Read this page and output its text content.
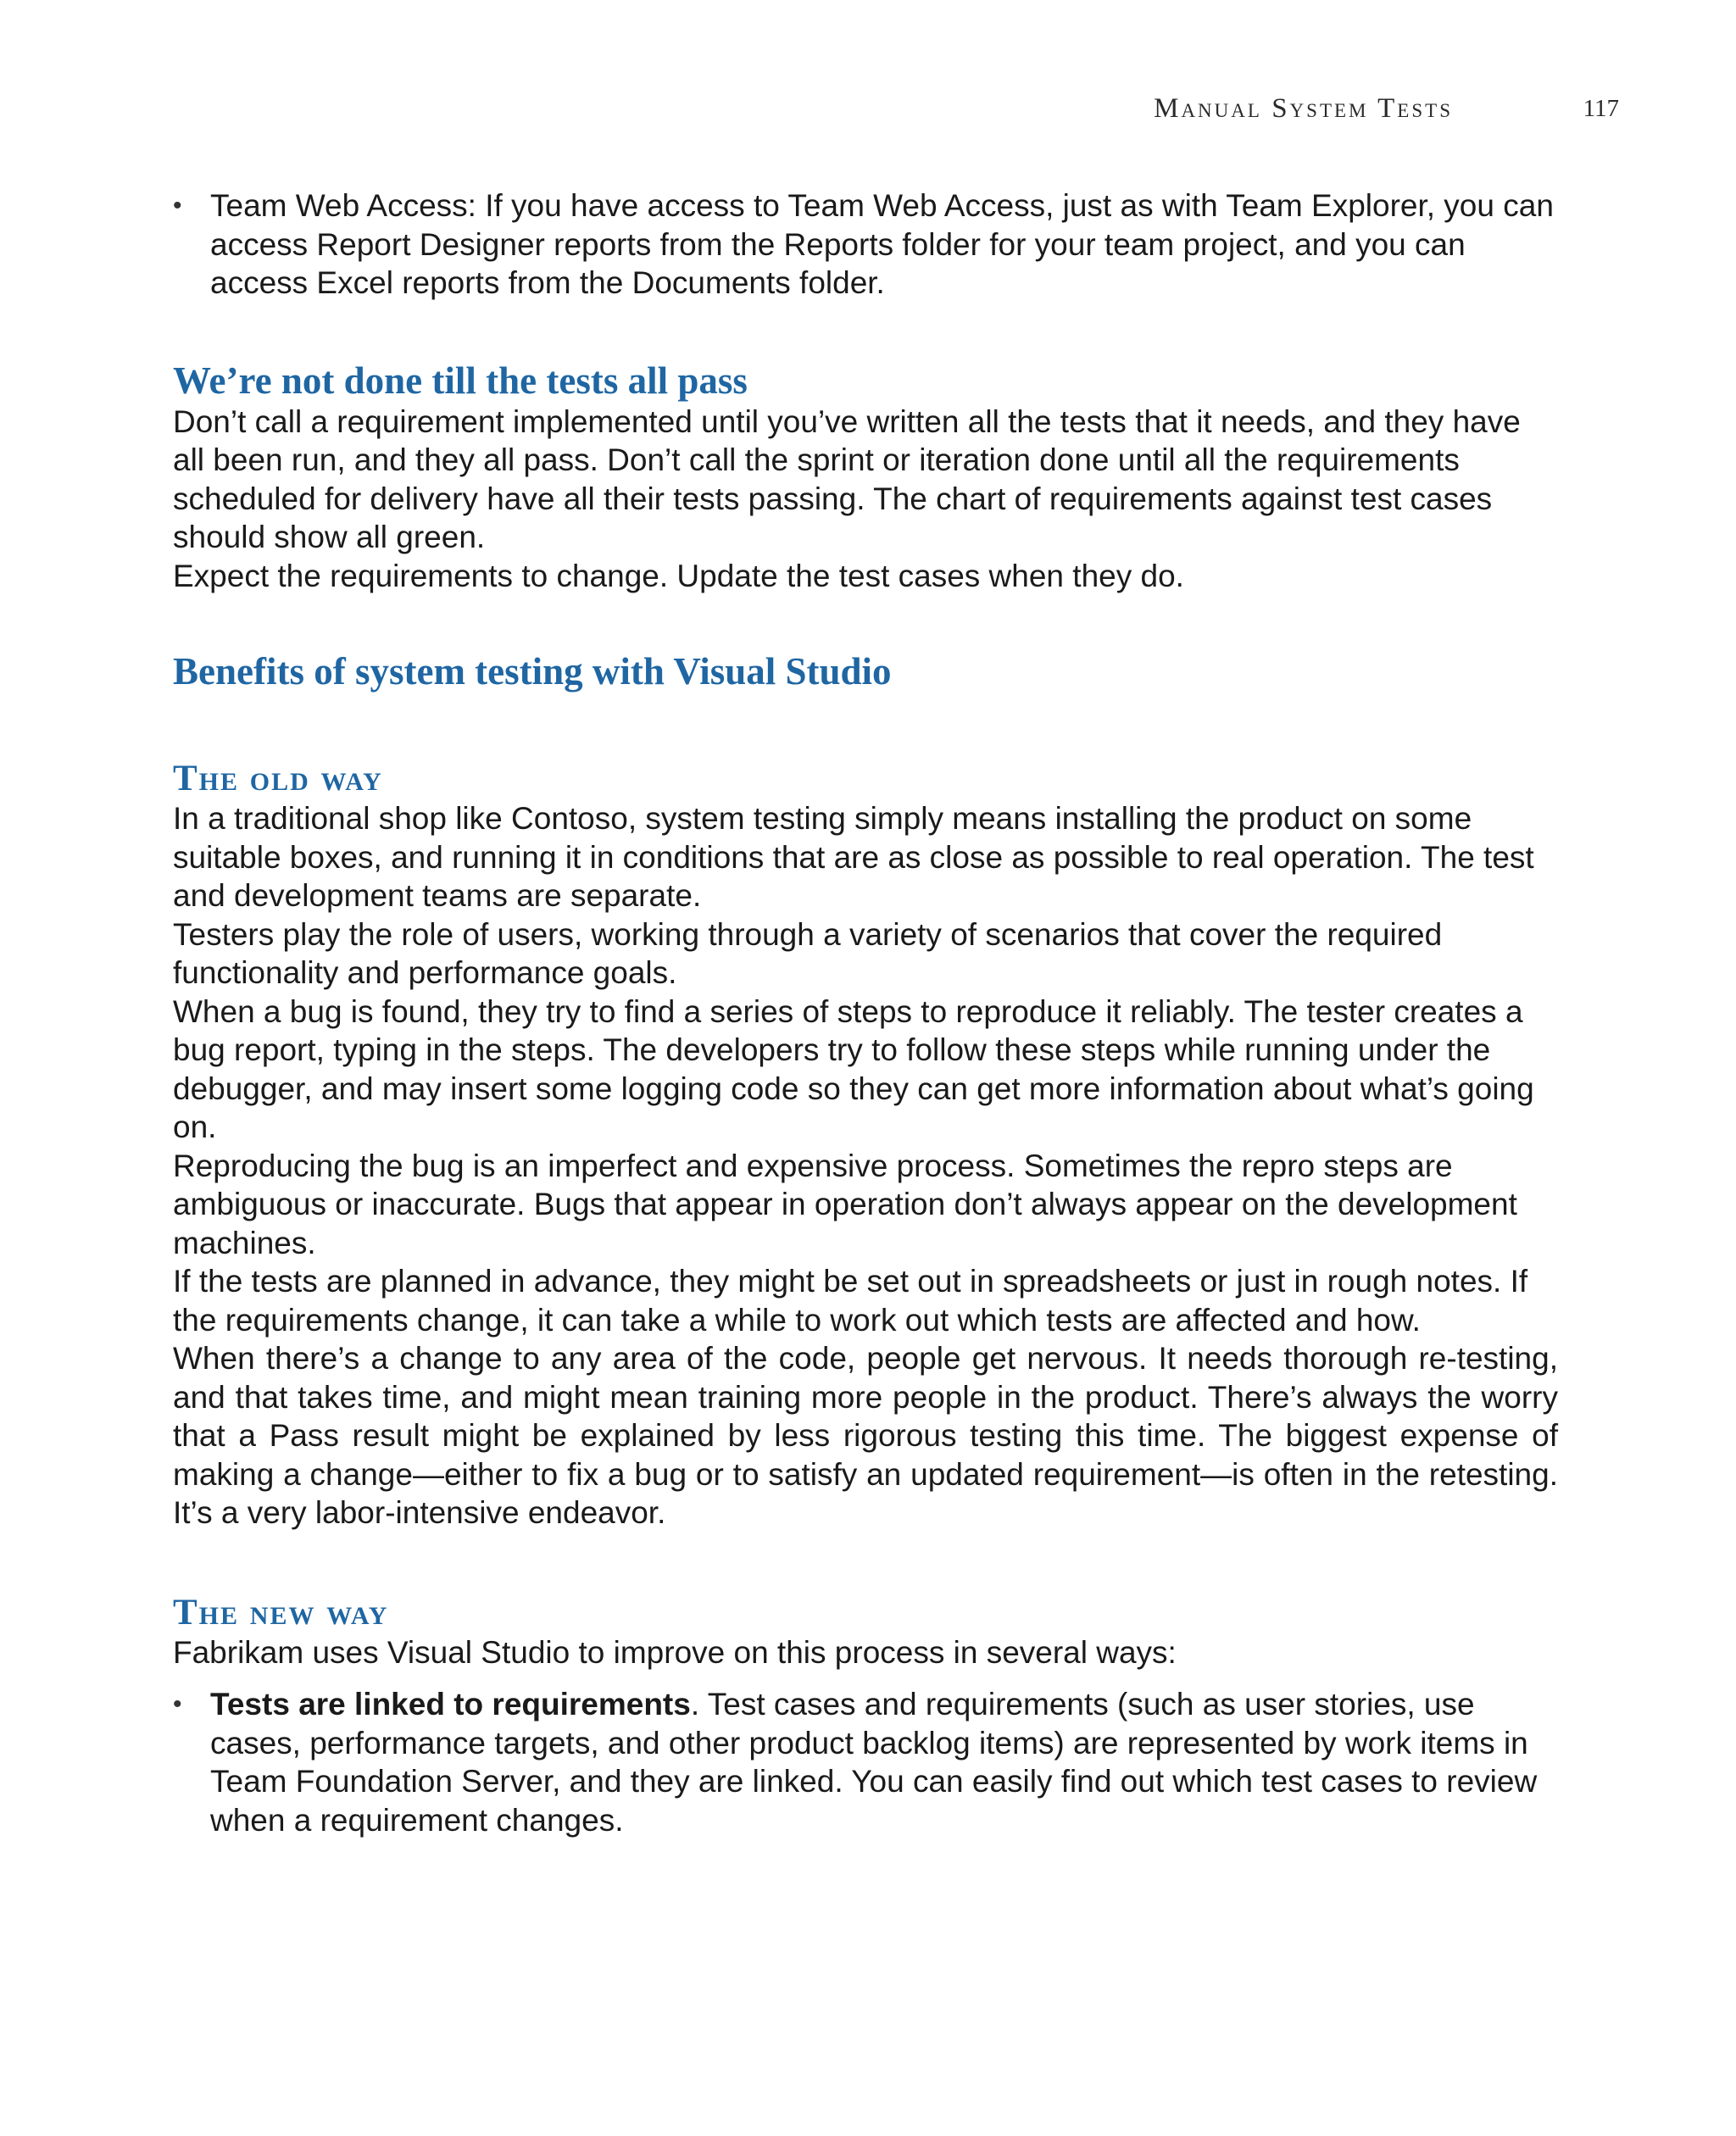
Manual System Tests	117
• Team Web Access: If you have access to Team Web Access, just as with Team Explorer, you can access Report Designer reports from the Reports folder for your team project, and you can access Excel reports from the Documents folder.
We’re not done till the tests all pass

Don’t call a requirement implemented until you’ve written all the tests that it needs, and they have all been run, and they all pass. Don’t call the sprint or iteration done until all the requirements scheduled for delivery have all their tests passing. The chart of requirements against test cases should show all green.

Expect the requirements to change. Update the test cases when they do.

Benefits of system testing with Visual Studio
The old way

In a traditional shop like Contoso, system testing simply means installing the product on some suitable boxes, and running it in conditions that are as close as possible to real operation. The test and development teams are separate.

Testers play the role of users, working through a variety of scenarios that cover the required functionality and performance goals.

When a bug is found, they try to find a series of steps to reproduce it reliably. The tester creates a bug report, typing in the steps. The developers try to follow these steps while running under the debugger, and may insert some logging code so they can get more information about what’s going on.

Reproducing the bug is an imperfect and expensive process. Sometimes the repro steps are ambiguous or inaccurate. Bugs that appear in operation don’t always appear on the development machines.

If the tests are planned in advance, they might be set out in spreadsheets or just in rough notes. If the requirements change, it can take a while to work out which tests are affected and how.

When there’s a change to any area of the code, people get nervous. It needs thorough re-testing, and that takes time, and might mean training more people in the product. There’s always the worry that a Pass result might be explained by less rigorous testing this time. The biggest expense of making a change—either to fix a bug or to satisfy an updated requirement—is often in the retesting. It’s a very labor-intensive endeavor.

The new way

Fabrikam uses Visual Studio to improve on this process in several ways:

• Tests are linked to requirements. Test cases and requirements (such as user stories, use cases, performance targets, and other product backlog items) are represented by work items in Team Foundation Server, and they are linked. You can easily find out which test cases to review when a requirement changes.
